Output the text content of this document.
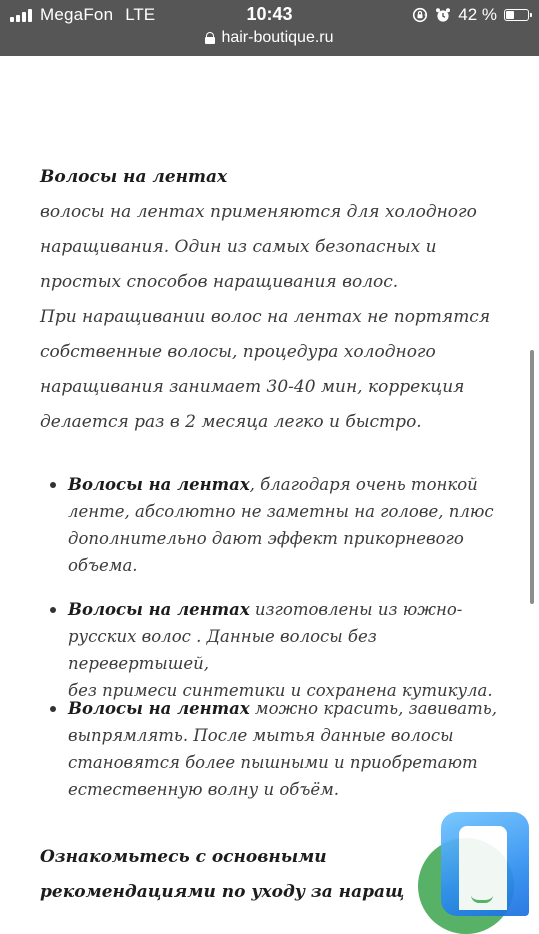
MegaFon LTE	10:43	42 %
hair-boutique.ru
Волосы на лентах
волосы на лентах применяются для холодного
наращивания. Один из самых безопасных и
простых способов наращивания волос.
При наращивании волос на лентах не портятся
собственные волосы, процедура холодного
наращивания занимает 30-40 мин, коррекция
делается раз в 2 месяца легко и быстро.
Волосы на лентах, благодаря очень тонкой
ленте, абсолютно не заметны на голове, плюс
дополнительно дают эффект прикорневого
объема.
Волосы на лентах изготовлены из южно-
русских волос . Данные волосы без перевертышей,
без примеси синтетики и сохранена кутикула.
Волосы на лентах можно красить, завивать,
выпрямлять. После мытья данные волосы
становятся более пышными и приобретают
естественную волну и объём.
Ознакомьтесь с основными
рекомендациями по уходу за наращ
